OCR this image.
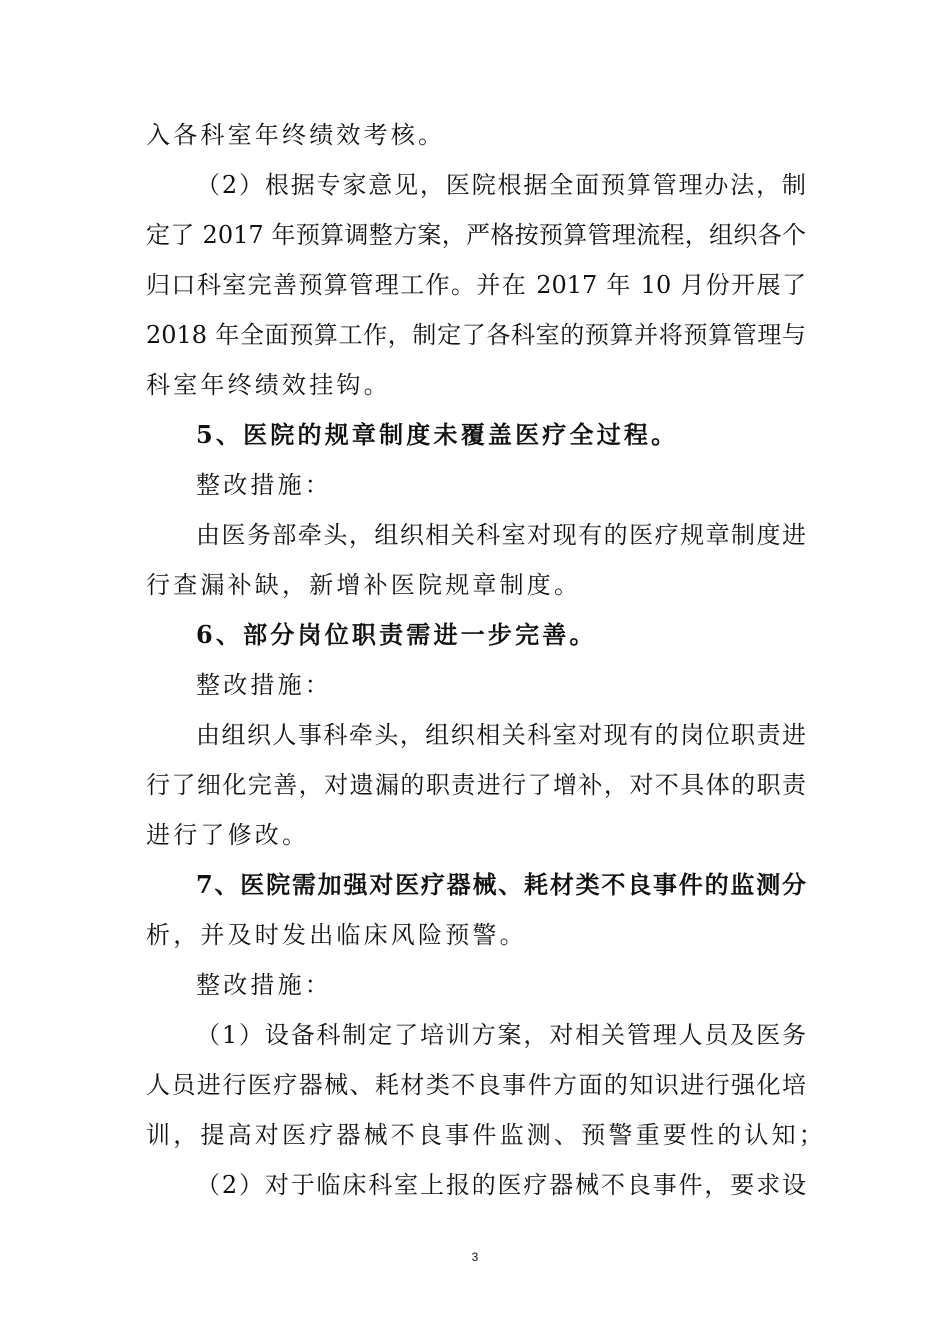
入各科室年终绩效考核。
（2）根据专家意见，医院根据全面预算管理办法，制
定了 2017 年预算调整方案，严格按预算管理流程，组织各个
归口科室完善预算管理工作。并在 2017 年 10 月份开展了
2018 年全面预算工作，制定了各科室的预算并将预算管理与
科室年终绩效挂钩。
5、医院的规章制度未覆盖医疗全过程。
整改措施：
由医务部牵头，组织相关科室对现有的医疗规章制度进
行查漏补缺，新增补医院规章制度。
6、部分岗位职责需进一步完善。
整改措施：
由组织人事科牵头，组织相关科室对现有的岗位职责进
行了细化完善，对遗漏的职责进行了增补，对不具体的职责
进行了修改。
7、医院需加强对医疗器械、耗材类不良事件的监测分
析，并及时发出临床风险预警。
整改措施：
（1）设备科制定了培训方案，对相关管理人员及医务
人员进行医疗器械、耗材类不良事件方面的知识进行强化培
训，提高对医疗器械不良事件监测、预警重要性的认知；
（2）对于临床科室上报的医疗器械不良事件，要求设
3
